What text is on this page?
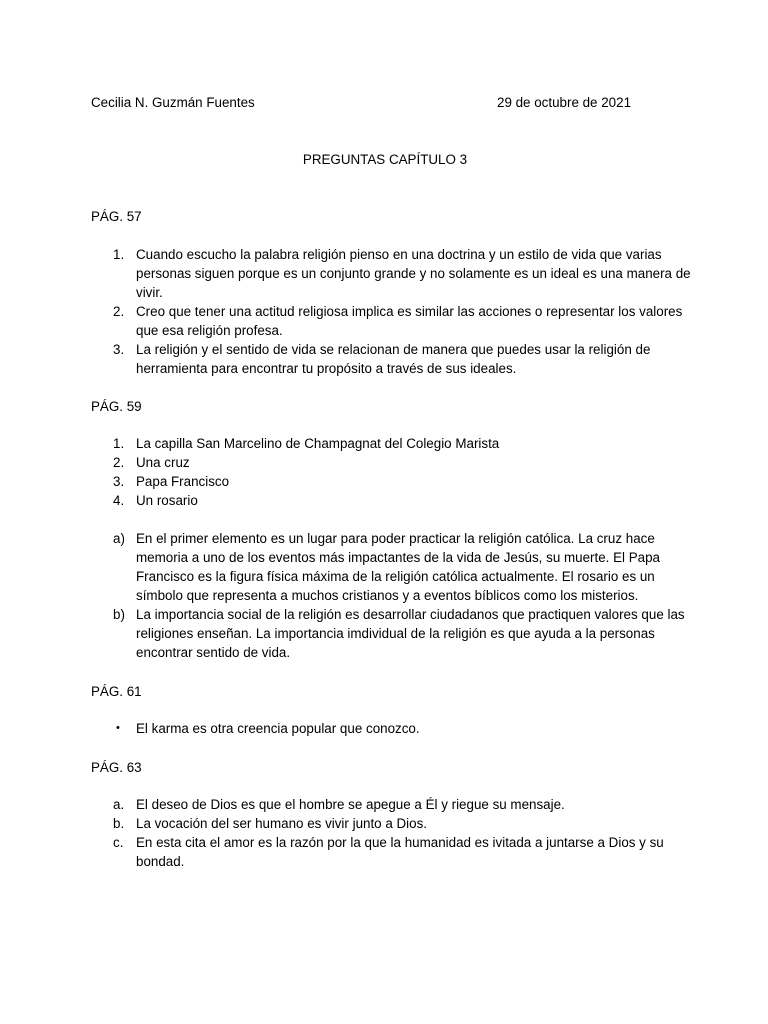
Cecilia N. Guzmán Fuentes	29 de octubre de 2021
PREGUNTAS CAPÍTULO 3
PÁG. 57
1. Cuando escucho la palabra religión pienso en una doctrina y un estilo de vida que varias personas siguen porque es un conjunto grande y no solamente es un ideal es una manera de vivir.
2. Creo que tener una actitud religiosa implica es similar las acciones o representar los valores que esa religión profesa.
3. La religión y el sentido de vida se relacionan de manera que puedes usar la religión de herramienta para encontrar tu propósito a través de sus ideales.
PÁG. 59
1. La capilla San Marcelino de Champagnat del Colegio Marista
2. Una cruz
3. Papa Francisco
4. Un rosario
a) En el primer elemento es un lugar para poder practicar la religión católica. La cruz hace memoria a uno de los eventos más impactantes de la vida de Jesús, su muerte. El Papa Francisco es la figura física máxima de la religión católica actualmente. El rosario es un símbolo que representa a muchos cristianos y a eventos bíblicos como los misterios.
b) La importancia social de la religión es desarrollar ciudadanos que practiquen valores que las religiones enseñan. La importancia imdividual de la religión es que ayuda a la personas encontrar sentido de vida.
PÁG. 61
• El karma es otra creencia popular que conozco.
PÁG. 63
a. El deseo de Dios es que el hombre se apegue a Él y riegue su mensaje.
b. La vocación del ser humano es vivir junto a Dios.
c. En esta cita el amor es la razón por la que la humanidad es ivitada a juntarse a Dios y su bondad.
